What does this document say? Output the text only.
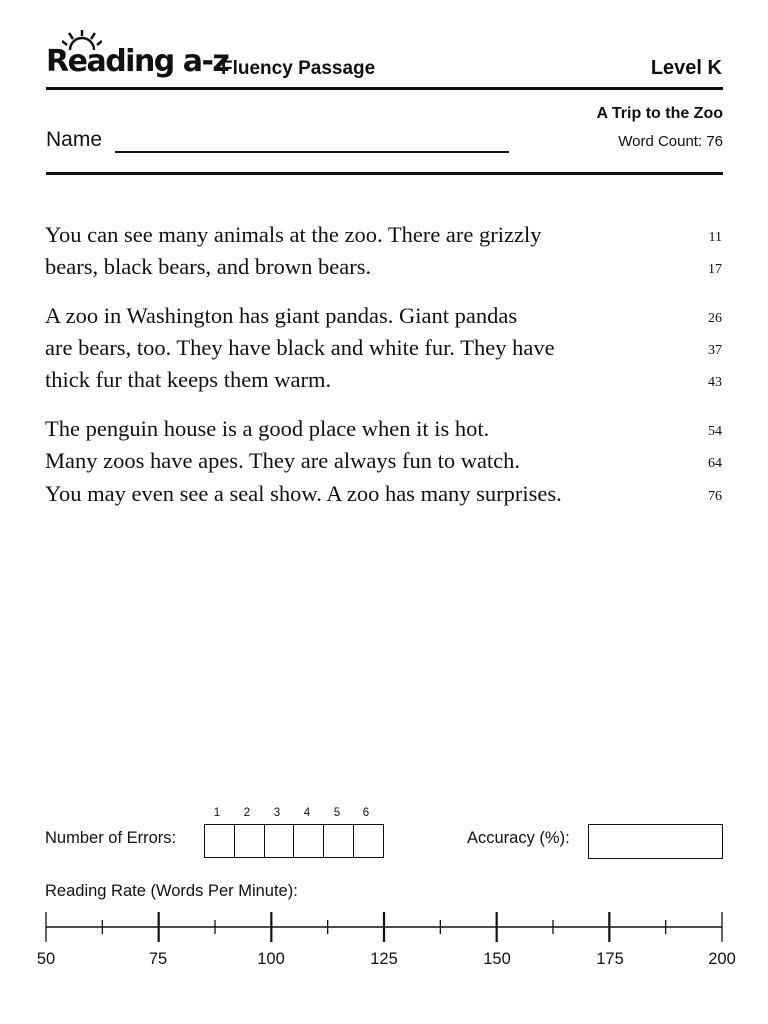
Reading a-z
Fluency Passage	Level K
A Trip to the Zoo
Word Count: 76
Name
You can see many animals at the zoo. There are grizzly	11
bears, black bears, and brown bears.	17
A zoo in Washington has giant pandas. Giant pandas	26
are bears, too. They have black and white fur. They have	37
thick fur that keeps them warm.	43
The penguin house is a good place when it is hot.	54
Many zoos have apes. They are always fun to watch.	64
You may even see a seal show. A zoo has many surprises.	76
1	2	3	4	5	6
Number of Errors:	Accuracy (%):
Reading Rate (Words Per Minute):
50	75	100	125	150	175	200
